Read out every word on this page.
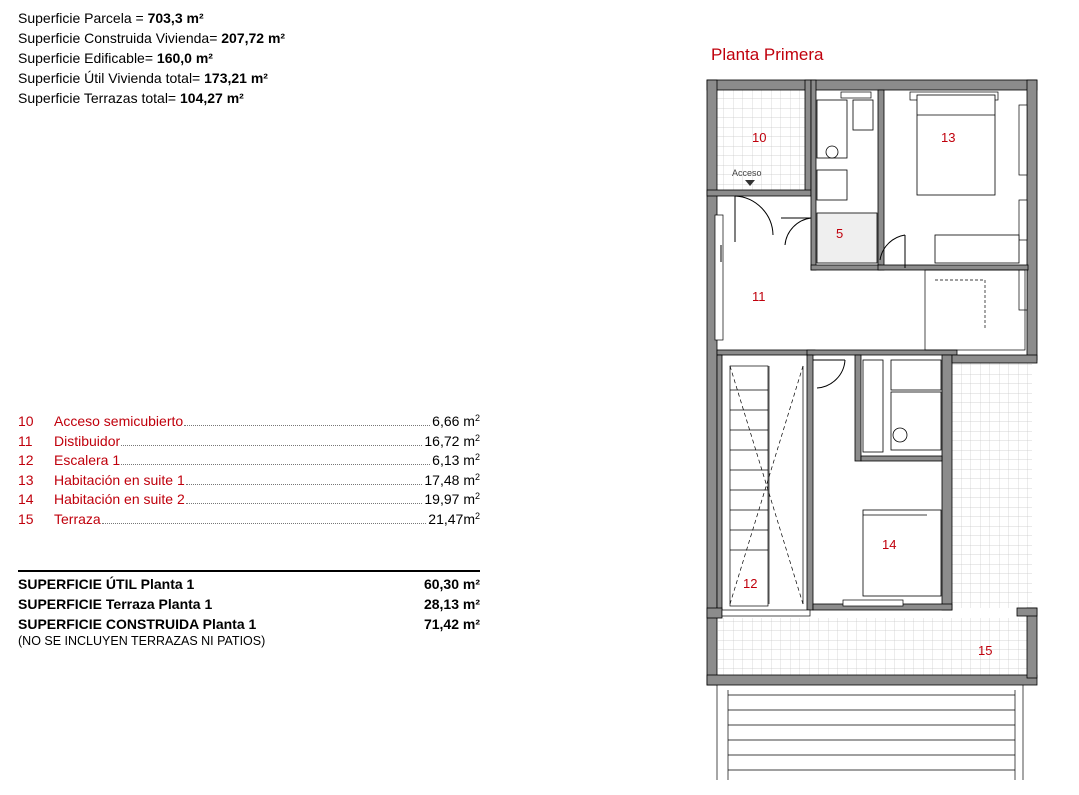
Superficie Parcela = 703,3 m²
Superficie Construida Vivienda= 207,72 m²
Superficie Edificable= 160,0 m²
Superficie Útil Vivienda total= 173,21 m²
Superficie Terrazas total= 104,27 m²
10	Acceso semicubierto	6,66 $m^2$
11	Distibuidor	16,72 $m^2$
12	Escalera 1	6,13 $m^2$
13	Habitación en suite 1	17,48 $m^2$
14	Habitación en suite 2	19,97 $m^2$
15	Terraza	$21,47m^2$
SUPERFICIE ÚTIL Planta 1	60,30 m²
SUPERFICIE Terraza Planta 1	28,13 m²
SUPERFICIE CONSTRUIDA Planta 1	71,42 m²
(NO SE INCLUYEN TERRAZAS NI PATIOS)
Planta Primera
Acceso
10	13
5
11
12
14
15
